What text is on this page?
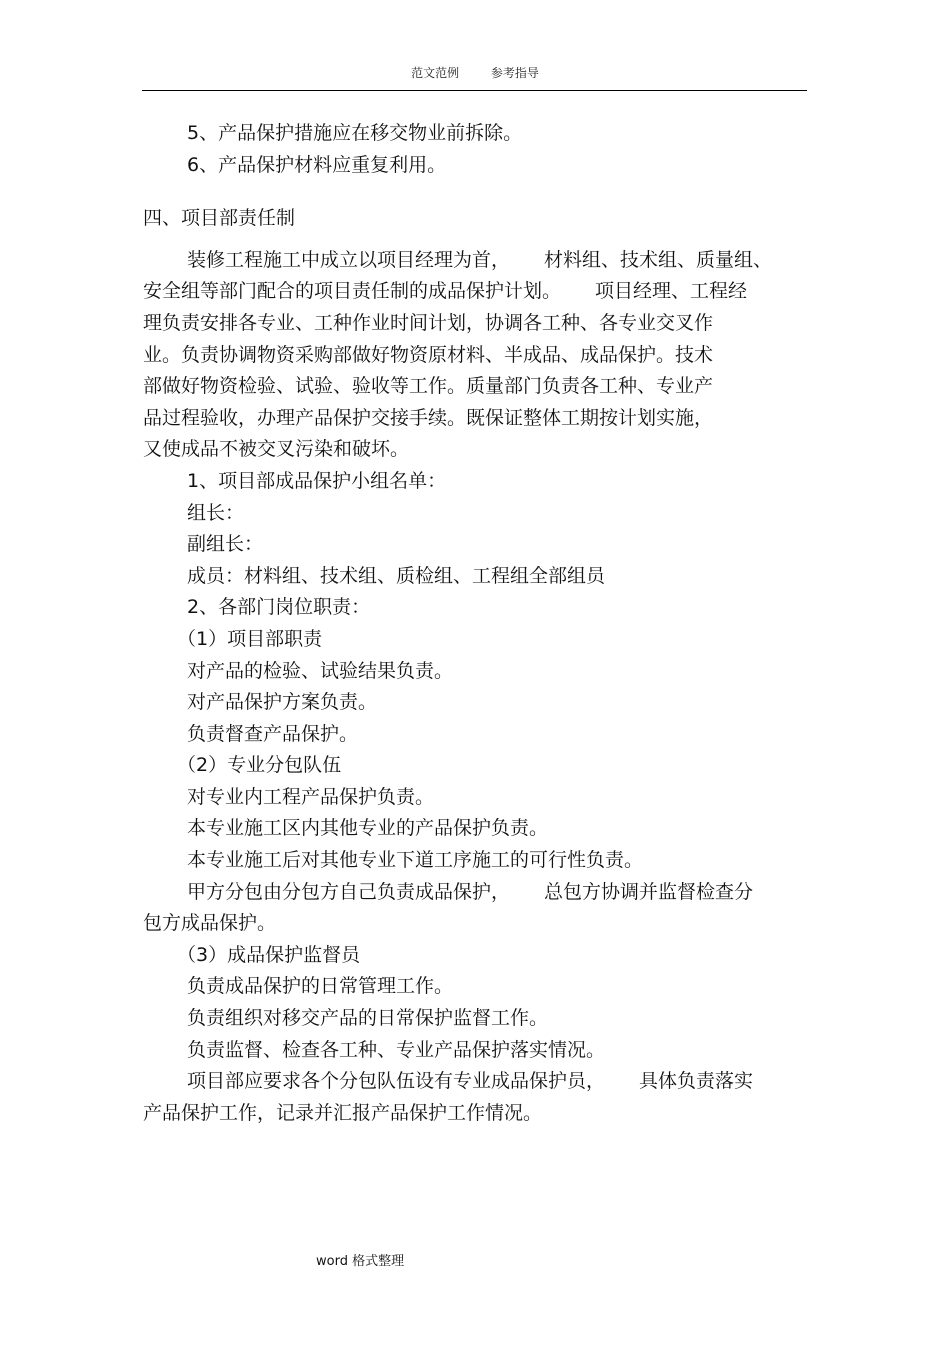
范文范例	参考指导
5、产品保护措施应在移交物业前拆除。
6、产品保护材料应重复利用。
四、项目部责任制
装修工程施工中成立以项目经理为首， 材料组、技术组、质量组、
安全组等部门配合的项目责任制的成品保护计划。 项目经理、工程经
理负责安排各专业、工种作业时间计划，协调各工种、各专业交叉作
业。负责协调物资采购部做好物资原材料、半成品、成品保护。技术
部做好物资检验、试验、验收等工作。质量部门负责各工种、专业产
品过程验收，办理产品保护交接手续。既保证整体工期按计划实施，
又使成品不被交叉污染和破坏。
1、项目部成品保护小组名单：
组长：
副组长：
成员：材料组、技术组、质检组、工程组全部组员
2、各部门岗位职责：
（1）项目部职责
对产品的检验、试验结果负责。
对产品保护方案负责。
负责督查产品保护。
（2）专业分包队伍
对专业内工程产品保护负责。
本专业施工区内其他专业的产品保护负责。
本专业施工后对其他专业下道工序施工的可行性负责。
甲方分包由分包方自己负责成品保护， 总包方协调并监督检查分
包方成品保护。
（3）成品保护监督员
负责成品保护的日常管理工作。
负责组织对移交产品的日常保护监督工作。
负责监督、检查各工种、专业产品保护落实情况。
项目部应要求各个分包队伍设有专业成品保护员， 具体负责落实
产品保护工作，记录并汇报产品保护工作情况。
word 格式整理
